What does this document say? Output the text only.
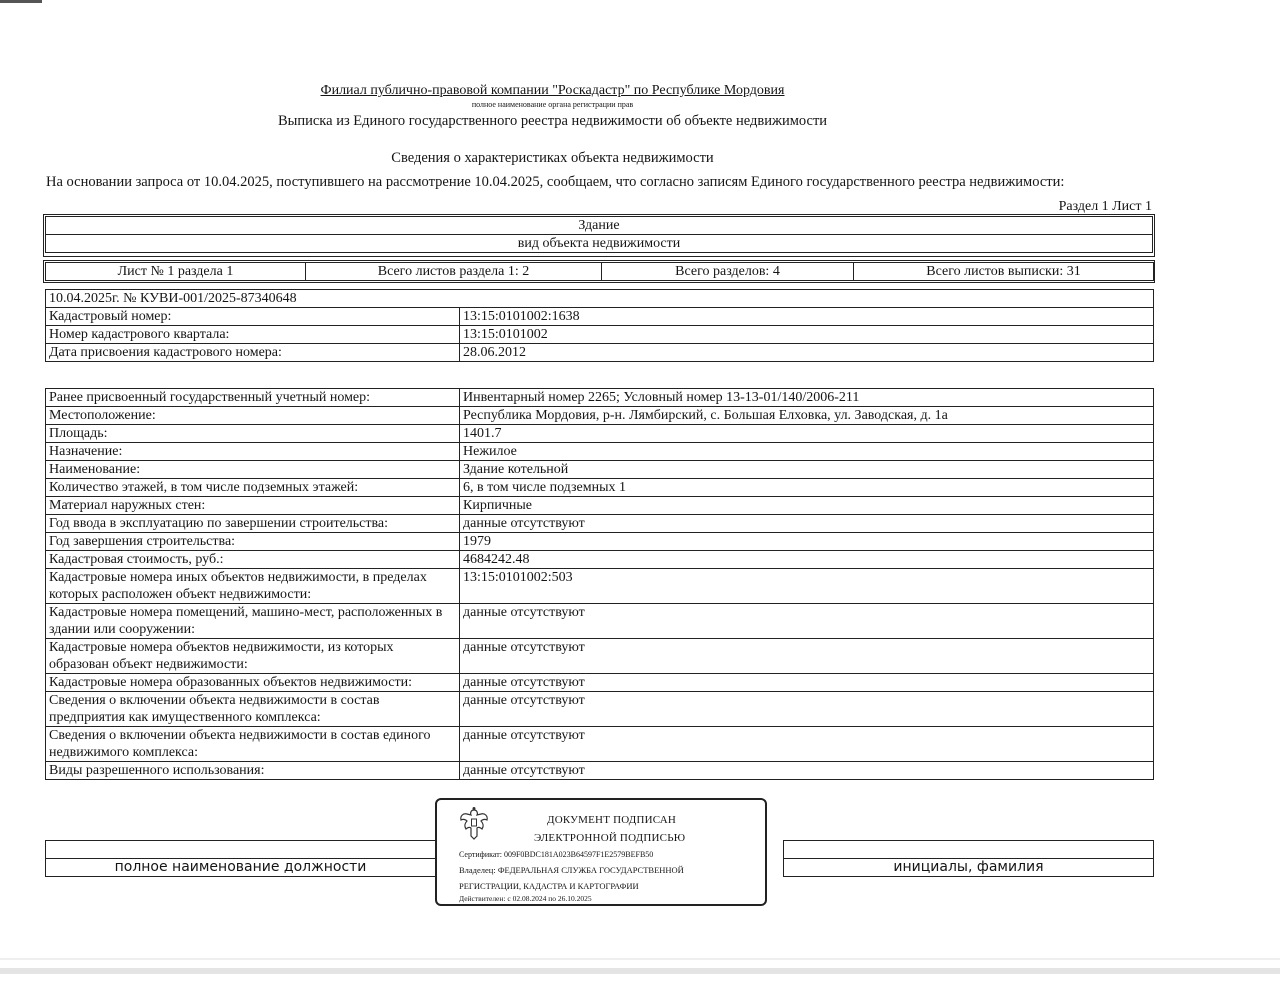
Филиал публично-правовой компании "Роскадастр" по Республике Мордовия
полное наименование органа регистрации прав
Выписка из Единого государственного реестра недвижимости об объекте недвижимости
Сведения о характеристиках объекта недвижимости
На основании запроса от 10.04.2025, поступившего на рассмотрение 10.04.2025, сообщаем, что согласно записям Единого государственного реестра недвижимости:
Раздел 1 Лист 1
Здание
вид объекта недвижимости
Лист № 1 раздела 1	Всего листов раздела 1: 2	Всего разделов: 4	Всего листов выписки: 31
10.04.2025г. № КУВИ-001/2025-87340648	
Кадастровый номер:	13:15:0101002:1638
Номер кадастрового квартала:	13:15:0101002
Дата присвоения кадастрового номера:	28.06.2012
Ранее присвоенный государственный учетный номер:	Инвентарный номер 2265; Условный номер 13-13-01/140/2006-211
Местоположение:	Республика Мордовия, р-н. Лямбирский, с. Большая Елховка, ул. Заводская, д. 1а
Площадь:	1401.7
Назначение:	Нежилое
Наименование:	Здание котельной
Количество этажей, в том числе подземных этажей:	6, в том числе подземных 1
Материал наружных стен:	Кирпичные
Год ввода в эксплуатацию по завершении строительства:	данные отсутствуют
Год завершения строительства:	1979
Кадастровая стоимость, руб.:	4684242.48
Кадастровые номера иных объектов недвижимости, в пределах которых расположен объект недвижимости:	13:15:0101002:503
Кадастровые номера помещений, машино-мест, расположенных в здании или сооружении:	данные отсутствуют
Кадастровые номера объектов недвижимости, из которых образован объект недвижимости:	данные отсутствуют
Кадастровые номера образованных объектов недвижимости:	данные отсутствуют
Сведения о включении объекта недвижимости в состав предприятия как имущественного комплекса:	данные отсутствуют
Сведения о включении объекта недвижимости в состав единого недвижимого комплекса:	данные отсутствуют
Виды разрешенного использования:	данные отсутствуют

полное наименование должности		инициалы, фамилия
ДОКУМЕНТ ПОДПИСАН
ЭЛЕКТРОННОЙ ПОДПИСЬЮ
Сертификат: 009F0BDC181A023B64597F1E2579BEFB50
Владелец: ФЕДЕРАЛЬНАЯ СЛУЖБА ГОСУДАРСТВЕННОЙ
РЕГИСТРАЦИИ, КАДАСТРА И КАРТОГРАФИИ
Действителен: с 02.08.2024 по 26.10.2025
